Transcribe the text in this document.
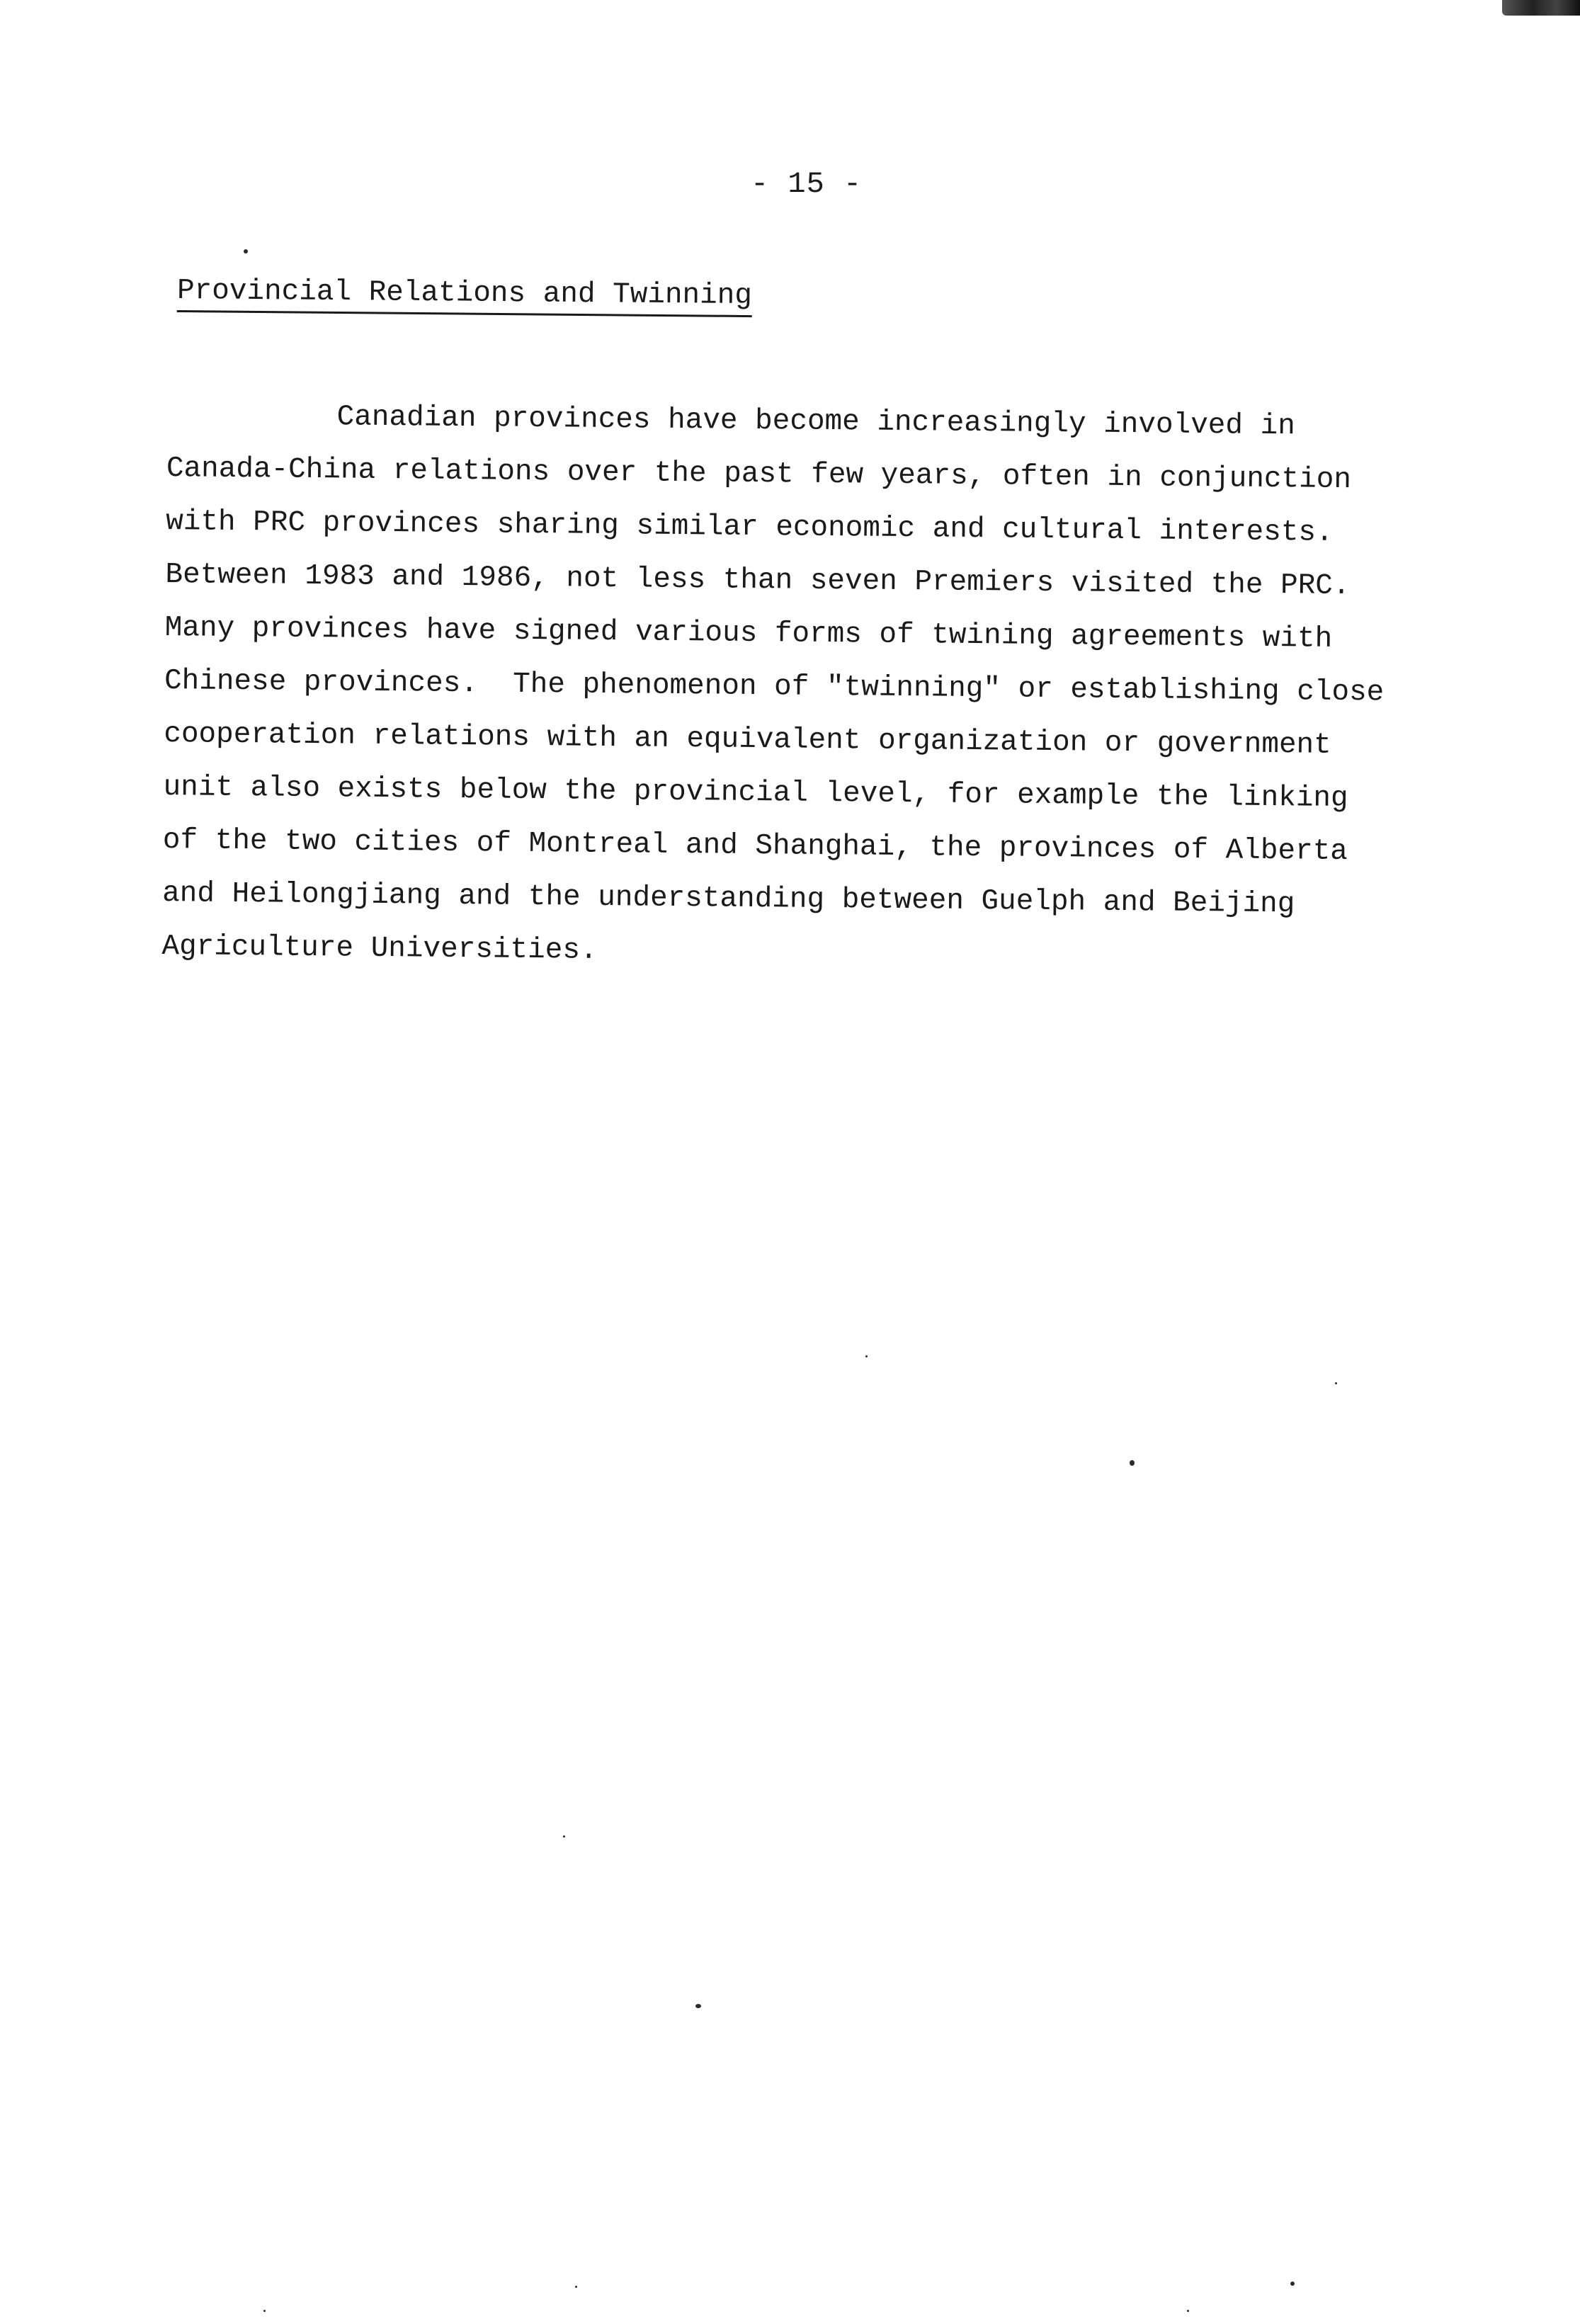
- 15 -
Provincial Relations and Twinning
Canadian provinces have become increasingly involved in
Canada-China relations over the past few years, often in conjunction
with PRC provinces sharing similar economic and cultural interests.
Between 1983 and 1986, not less than seven Premiers visited the PRC.
Many provinces have signed various forms of twining agreements with
Chinese provinces.  The phenomenon of "twinning" or establishing close
cooperation relations with an equivalent organization or government
unit also exists below the provincial level, for example the linking
of the two cities of Montreal and Shanghai, the provinces of Alberta
and Heilongjiang and the understanding between Guelph and Beijing
Agriculture Universities.
